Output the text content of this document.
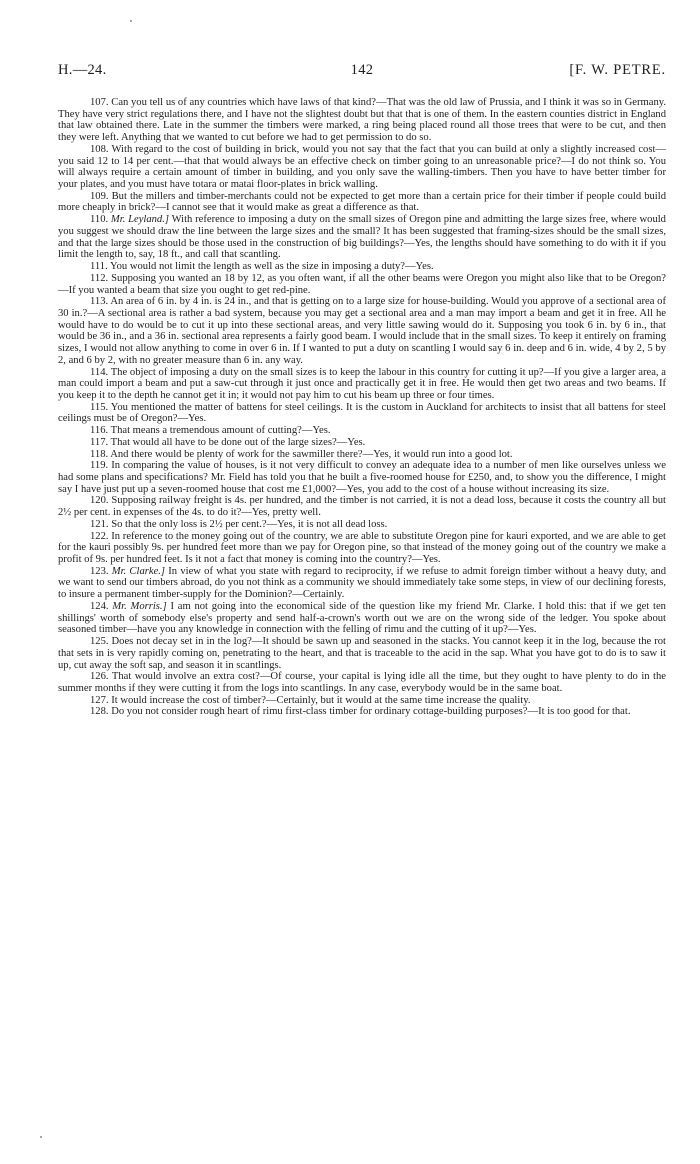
H.—24.	142	[F. W. PETRE.

107. Can you tell us of any countries which have laws of that kind?—That was the old law of Prussia, and I think it was so in Germany. They have very strict regulations there, and I have not the slightest doubt but that that is one of them. In the eastern counties district in England that law obtained there. Late in the summer the timbers were marked, a ring being placed round all those trees that were to be cut, and then they were left. Anything that we wanted to cut before we had to get permission to do so.

108. With regard to the cost of building in brick, would you not say that the fact that you can build at only a slightly increased cost—you said 12 to 14 per cent.—that that would always be an effective check on timber going to an unreasonable price?—I do not think so. You will always require a certain amount of timber in building, and you only save the walling-timbers. Then you have to have better timber for your plates, and you must have totara or matai floor-plates in brick walling.

109. But the millers and timber-merchants could not be expected to get more than a certain price for their timber if people could build more cheaply in brick?—I cannot see that it would make as great a difference as that.

110. Mr. Leyland.] With reference to imposing a duty on the small sizes of Oregon pine and admitting the large sizes free, where would you suggest we should draw the line between the large sizes and the small? It has been suggested that framing-sizes should be the small sizes, and that the large sizes should be those used in the construction of big buildings?—Yes, the lengths should have something to do with it if you limit the length to, say, 18 ft., and call that scantling.

111. You would not limit the length as well as the size in imposing a duty?—Yes.

112. Supposing you wanted an 18 by 12, as you often want, if all the other beams were Oregon you might also like that to be Oregon?—If you wanted a beam that size you ought to get red-pine.

113. An area of 6 in. by 4 in. is 24 in., and that is getting on to a large size for house-building. Would you approve of a sectional area of 30 in.?—A sectional area is rather a bad system, because you may get a sectional area and a man may import a beam and get it in free. All he would have to do would be to cut it up into these sectional areas, and very little sawing would do it. Supposing you took 6 in. by 6 in., that would be 36 in., and a 36 in. sectional area represents a fairly good beam. I would include that in the small sizes. To keep it entirely on framing sizes, I would not allow anything to come in over 6 in. If I wanted to put a duty on scantling I would say 6 in. deep and 6 in. wide, 4 by 2, 5 by 2, and 6 by 2, with no greater measure than 6 in. any way.

114. The object of imposing a duty on the small sizes is to keep the labour in this country for cutting it up?—If you give a larger area, a man could import a beam and put a saw-cut through it just once and practically get it in free. He would then get two areas and two beams. If you keep it to the depth he cannot get it in; it would not pay him to cut his beam up three or four times.

115. You mentioned the matter of battens for steel ceilings. It is the custom in Auckland for architects to insist that all battens for steel ceilings must be of Oregon?—Yes.

116. That means a tremendous amount of cutting?—Yes.

117. That would all have to be done out of the large sizes?—Yes.

118. And there would be plenty of work for the sawmiller there?—Yes, it would run into a good lot.

119. In comparing the value of houses, is it not very difficult to convey an adequate idea to a number of men like ourselves unless we had some plans and specifications? Mr. Field has told you that he built a five-roomed house for £250, and, to show you the difference, I might say I have just put up a seven-roomed house that cost me £1,000?—Yes, you add to the cost of a house without increasing its size.

120. Supposing railway freight is 4s. per hundred, and the timber is not carried, it is not a dead loss, because it costs the country all but 2½ per cent. in expenses of the 4s. to do it?—Yes, pretty well.

121. So that the only loss is 2½ per cent.?—Yes, it is not all dead loss.

122. In reference to the money going out of the country, we are able to substitute Oregon pine for kauri exported, and we are able to get for the kauri possibly 9s. per hundred feet more than we pay for Oregon pine, so that instead of the money going out of the country we make a profit of 9s. per hundred feet. Is it not a fact that money is coming into the country?—Yes.

123. Mr. Clarke.] In view of what you state with regard to reciprocity, if we refuse to admit foreign timber without a heavy duty, and we want to send our timbers abroad, do you not think as a community we should immediately take some steps, in view of our declining forests, to insure a permanent timber-supply for the Dominion?—Certainly.

124. Mr. Morris.] I am not going into the economical side of the question like my friend Mr. Clarke. I hold this: that if we get ten shillings' worth of somebody else's property and send half-a-crown's worth out we are on the wrong side of the ledger. You spoke about seasoned timber—have you any knowledge in connection with the felling of rimu and the cutting of it up?—Yes.

125. Does not decay set in in the log?—It should be sawn up and seasoned in the stacks. You cannot keep it in the log, because the rot that sets in is very rapidly coming on, penetrating to the heart, and that is traceable to the acid in the sap. What you have got to do is to saw it up, cut away the soft sap, and season it in scantlings.

126. That would involve an extra cost?—Of course, your capital is lying idle all the time, but they ought to have plenty to do in the summer months if they were cutting it from the logs into scantlings. In any case, everybody would be in the same boat.

127. It would increase the cost of timber?—Certainly, but it would at the same time increase the quality.

128. Do you not consider rough heart of rimu first-class timber for ordinary cottage-building purposes?—It is too good for that.
